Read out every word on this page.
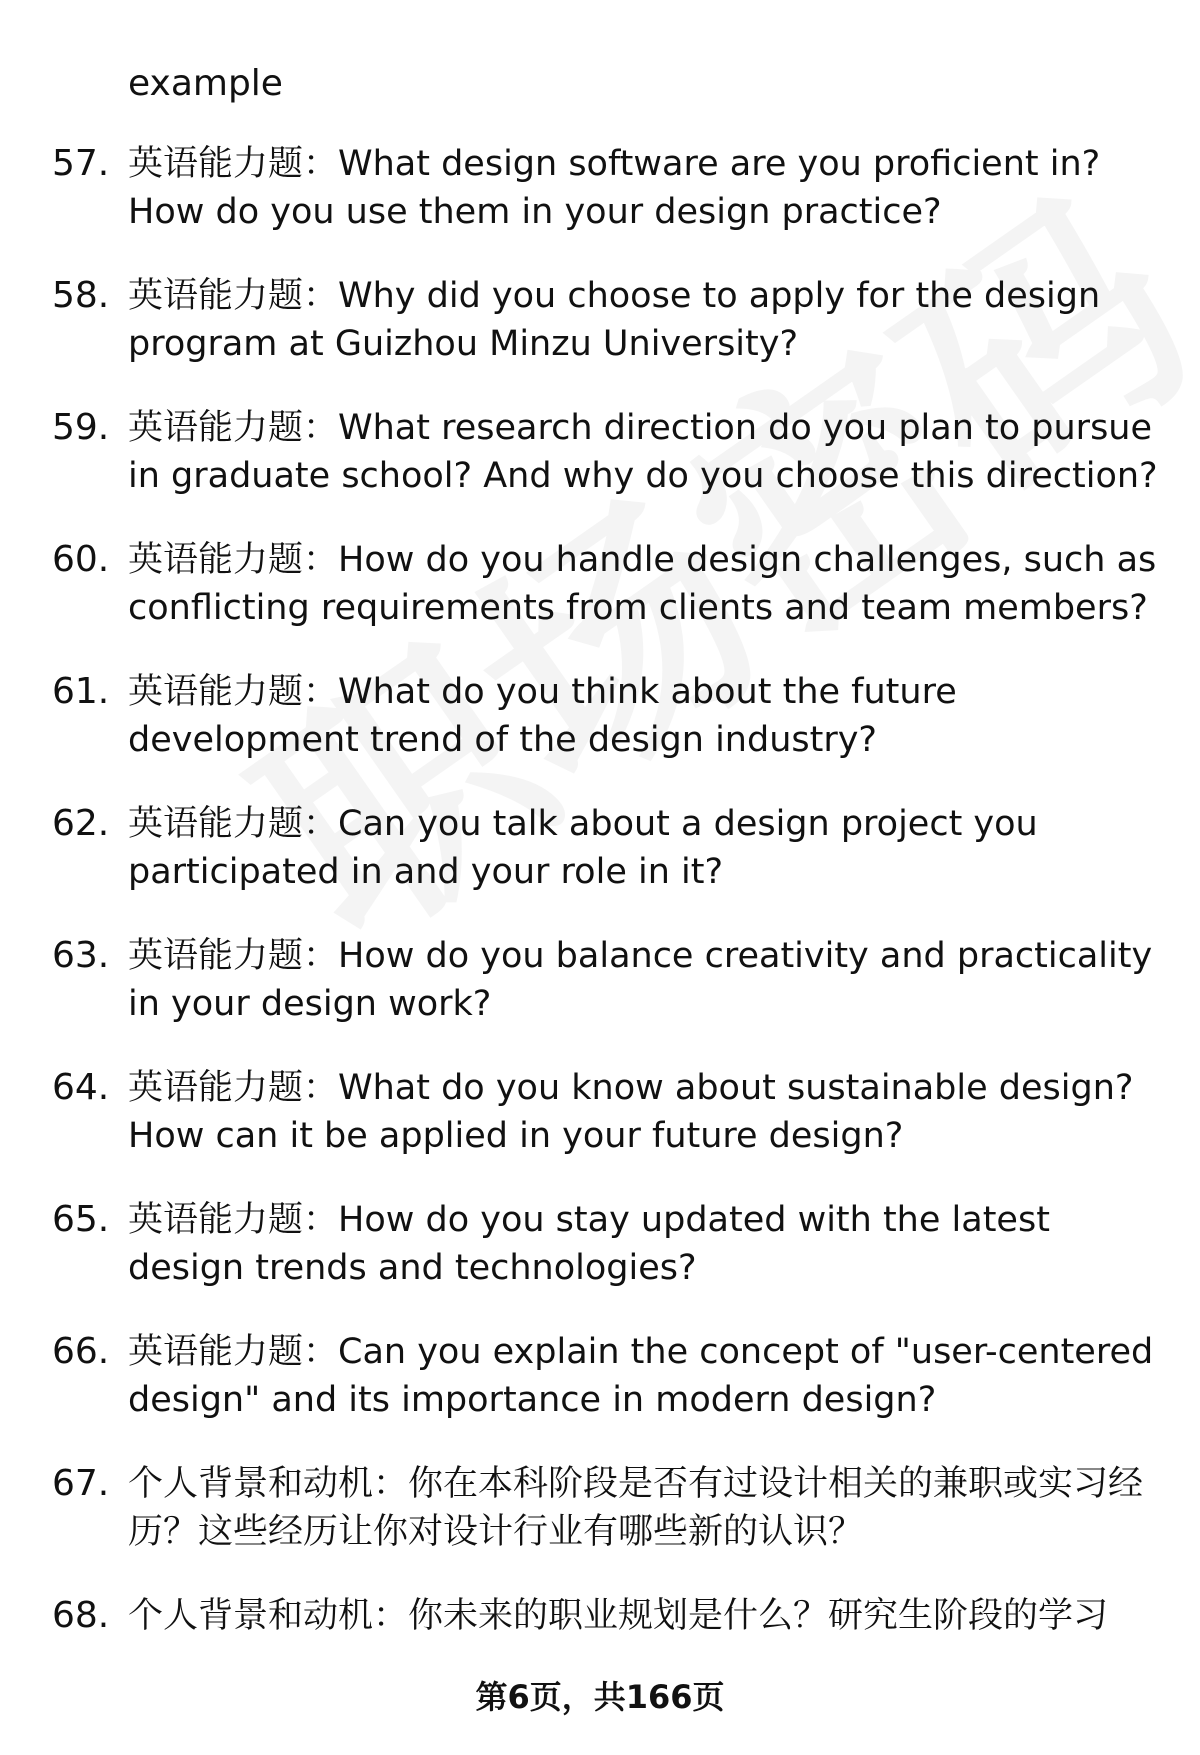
example
57. 英语能力题：What design software are you proficient in? How do you use them in your design practice?
58. 英语能力题：Why did you choose to apply for the design program at Guizhou Minzu University?
59. 英语能力题：What research direction do you plan to pursue in graduate school? And why do you choose this direction?
60. 英语能力题：How do you handle design challenges, such as conflicting requirements from clients and team members?
61. 英语能力题：What do you think about the future development trend of the design industry?
62. 英语能力题：Can you talk about a design project you participated in and your role in it?
63. 英语能力题：How do you balance creativity and practicality in your design work?
64. 英语能力题：What do you know about sustainable design? How can it be applied in your future design?
65. 英语能力题：How do you stay updated with the latest design trends and technologies?
66. 英语能力题：Can you explain the concept of "user-centered design" and its importance in modern design?
67. 个人背景和动机：你在本科阶段是否有过设计相关的兼职或实习经历？这些经历让你对设计行业有哪些新的认识？
68. 个人背景和动机：你未来的职业规划是什么？研究生阶段的学习
第6页，共166页
